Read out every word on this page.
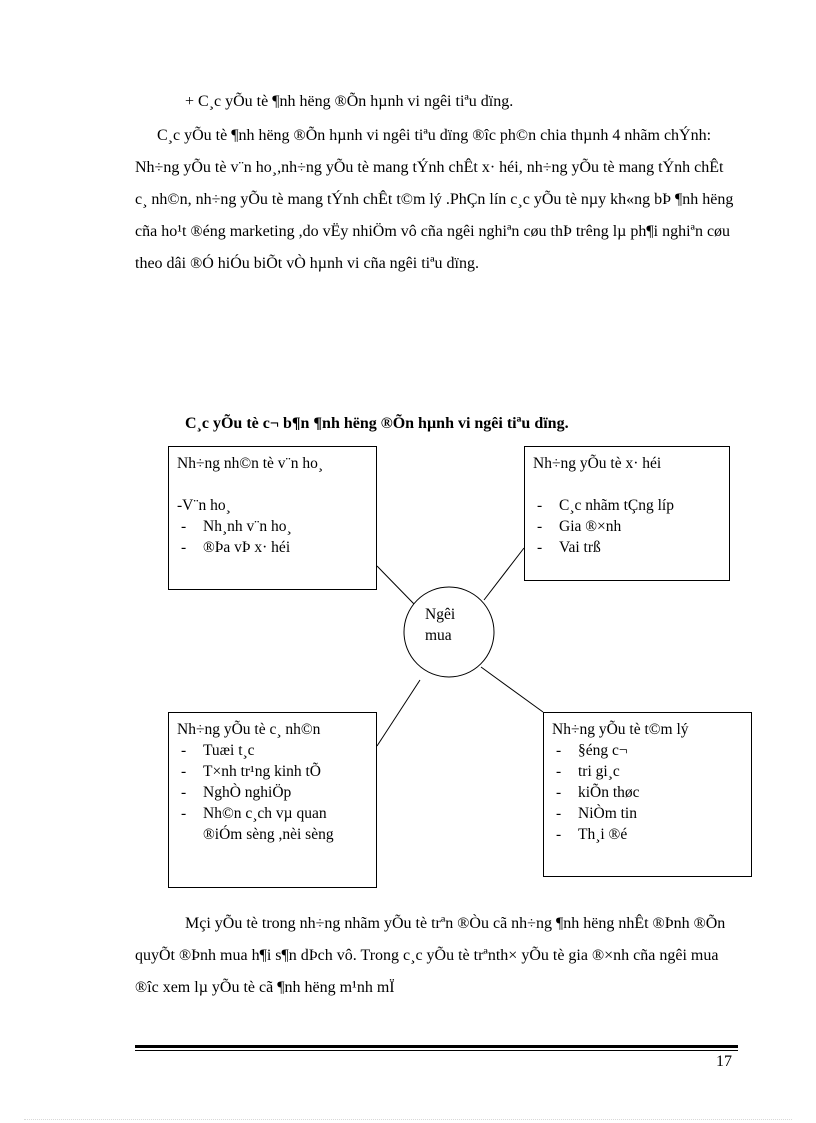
+ C¸c yÕu tè ¶nh hëng ®Õn hµnh vi ngêi tiªu dïng.

C¸c yÕu tè ¶nh hëng ®Õn hµnh vi ngêi tiªu dïng ®îc ph©n chia thµnh 4 nhãm chÝnh: Nh÷ng yÕu tè v¨n ho¸,nh÷ng yÕu tè mang tÝnh chÊt x· héi, nh÷ng yÕu tè mang tÝnh chÊt c¸ nh©n, nh÷ng yÕu tè mang tÝnh chÊt t©m lý .PhÇn lín c¸c yÕu tè nµy kh«ng bÞ ¶nh hëng cña ho¹t ®éng marketing ,do vËy nhiÖm vô cña ngêi nghiªn cøu thÞ trêng lµ ph¶i nghiªn cøu theo dâi ®Ó hiÓu biÕt vÒ hµnh vi cña ngêi tiªu dïng.

C¸c yÕu tè c¬ b¶n ¶nh hëng ®Õn hµnh vi ngêi tiªu dïng.
Ngêi
mua

Nh÷ng nh©n tè v¨n ho¸

-V¨n ho¸

- Nh¸nh v¨n ho¸
- ®Þa vÞ x· héi

Nh÷ng yÕu tè x· héi

- C¸c nhãm tÇng líp
- Gia ®×nh
- Vai trß

Nh÷ng yÕu tè c¸ nh©n

- Tuæi t¸c
- T×nh tr¹ng kinh tÕ
- NghÒ nghiÖp
- Nh©n c¸ch vµ quan ®iÓm sèng ,nèi sèng

Nh÷ng yÕu tè t©m lý

- §éng c¬
- tri gi¸c
- kiÕn thøc
- NiÒm tin
- Th¸i ®é

Mçi yÕu tè trong nh÷ng nhãm yÕu tè trªn ®Òu cã nh÷ng ¶nh hëng nhÊt ®Þnh ®Õn quyÕt ®Þnh mua h¶i s¶n dÞch vô. Trong c¸c yÕu tè trªnth× yÕu tè gia ®×nh cña ngêi mua ®îc xem lµ yÕu tè cã ¶nh hëng m¹nh mÏ

17
